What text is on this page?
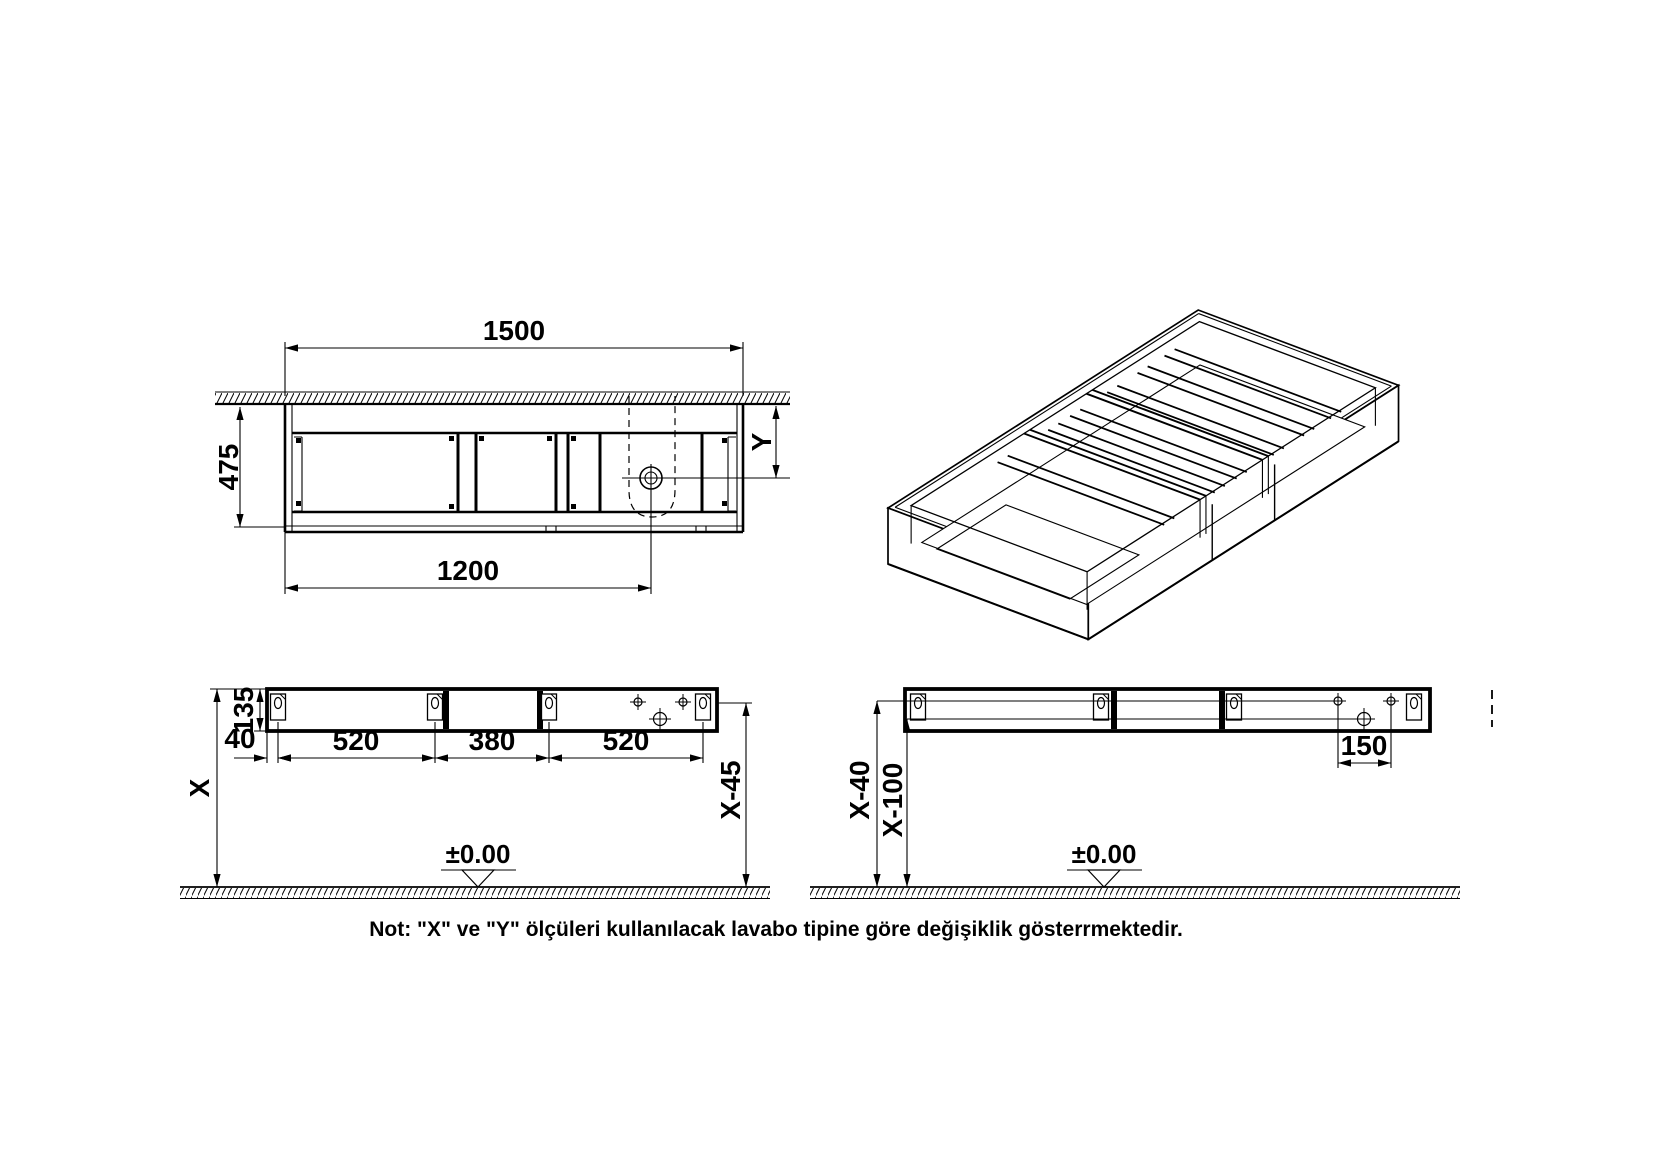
1500
475
1200
Y
135
40	520	380	520
X	X-45
±0.00
X-40 X-100
150
±0.00
Not: "X" ve "Y" ölçüleri kullanılacak lavabo tipine göre değişiklik gösterrmektedir.
